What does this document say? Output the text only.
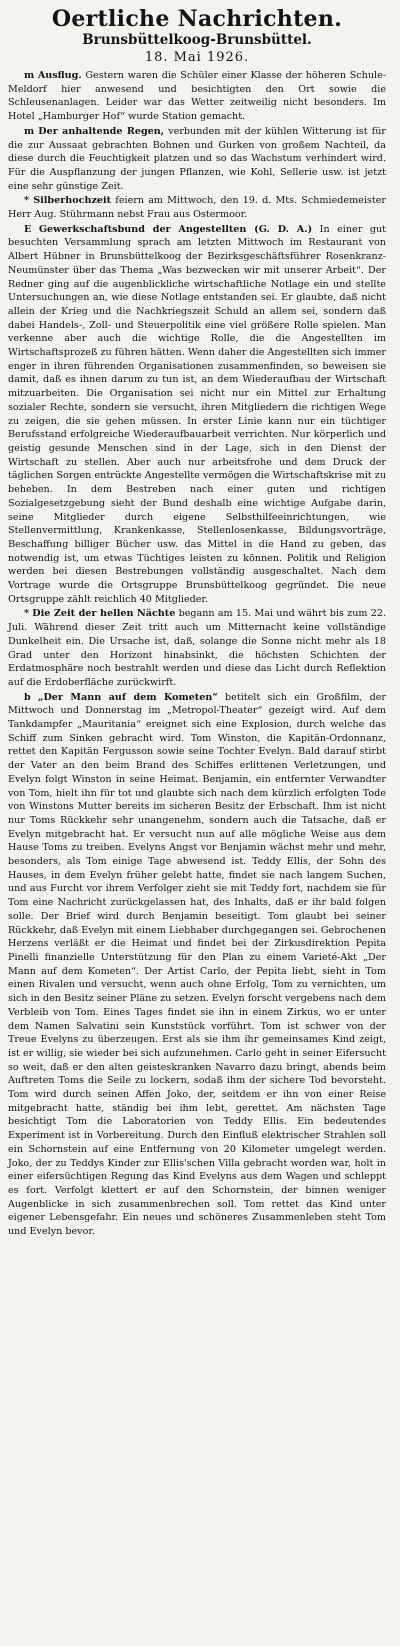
Oertliche Nachrichten.
Brunsbüttelkoog-Brunsbüttel.
18. Mai 1926.

m Ausflug. Gestern waren die Schüler einer Klasse der höheren Schule-Meldorf hier anwesend und besichtigten den Ort sowie die Schleusenanlagen. Leider war das Wetter zeitweilig nicht besonders. Im Hotel „Hamburger Hof“ wurde Station gemacht.

m Der anhaltende Regen, verbunden mit der kühlen Witterung ist für die zur Aussaat gebrachten Bohnen und Gurken von großem Nachteil, da diese durch die Feuchtigkeit platzen und so das Wachstum verhindert wird. Für die Auspflanzung der jungen Pflanzen, wie Kohl, Sellerie usw. ist jetzt eine sehr günstige Zeit.

* Silberhochzeit feiern am Mittwoch, den 19. d. Mts. Schmiedemeister Herr Aug. Stührmann nebst Frau aus Ostermoor.

E Gewerkschaftsbund der Angestellten (G. D. A.) In einer gut besuchten Versammlung sprach am letzten Mittwoch im Restaurant von Albert Hübner in Brunsbüttelkoog der Bezirksgeschäftsführer Rosenkranz-Neumünster über das Thema „Was bezwecken wir mit unserer Arbeit“. Der Redner ging auf die augenblickliche wirtschaftliche Notlage ein und stellte Untersuchungen an, wie diese Notlage entstanden sei. Er glaubte, daß nicht allein der Krieg und die Nachkriegszeit Schuld an allem sei, sondern daß dabei Handels-, Zoll- und Steuerpolitik eine viel größere Rolle spielen. Man verkenne aber auch die wichtige Rolle, die die Angestellten im Wirtschaftsprozeß zu führen hätten. Wenn daher die Angestellten sich immer enger in ihren führenden Organisationen zusammenfinden, so beweisen sie damit, daß es ihnen darum zu tun ist, an dem Wiederaufbau der Wirtschaft mitzuarbeiten. Die Organisation sei nicht nur ein Mittel zur Erhaltung sozialer Rechte, sondern sie versucht, ihren Mitgliedern die richtigen Wege zu zeigen, die sie gehen müssen. In erster Linie kann nur ein tüchtiger Berufsstand erfolgreiche Wiederaufbauarbeit verrichten. Nur körperlich und geistig gesunde Menschen sind in der Lage, sich in den Dienst der Wirtschaft zu stellen. Aber auch nur arbeitsfrohe und dem Druck der täglichen Sorgen entrückte Angestellte vermögen die Wirtschaftskrise mit zu beheben. In dem Bestreben nach einer guten und richtigen Sozialgesetzgebung sieht der Bund deshalb eine wichtige Aufgabe darin, seine Mitglieder durch eigene Selbsthilfeeinrichtungen, wie Stellenvermittlung, Krankenkasse, Stellenlosenkasse, Bildungsvorträge, Beschaffung billiger Bücher usw. das Mittel in die Hand zu geben, das notwendig ist, um etwas Tüchtiges leisten zu können. Politik und Religion werden bei diesen Bestrebungen vollständig ausgeschaltet. Nach dem Vortrage wurde die Ortsgruppe Brunsbüttelkoog gegründet. Die neue Ortsgruppe zählt reichlich 40 Mitglieder.

* Die Zeit der hellen Nächte begann am 15. Mai und währt bis zum 22. Juli. Während dieser Zeit tritt auch um Mitternacht keine vollständige Dunkelheit ein. Die Ursache ist, daß, solange die Sonne nicht mehr als 18 Grad unter den Horizont hinabsinkt, die höchsten Schichten der Erdatmosphäre noch bestrahlt werden und diese das Licht durch Reflektion auf die Erdoberfläche zurückwirft.

b „Der Mann auf dem Kometen“ betitelt sich ein Großfilm, der Mittwoch und Donnerstag im „Metropol-Theater“ gezeigt wird. Auf dem Tankdampfer „Mauritania“ ereignet sich eine Explosion, durch welche das Schiff zum Sinken gebracht wird. Tom Winston, die Kapitän-Ordonnanz, rettet den Kapitän Fergusson sowie seine Tochter Evelyn. Bald darauf stirbt der Vater an den beim Brand des Schiffes erlittenen Verletzungen, und Evelyn folgt Winston in seine Heimat. Benjamin, ein entfernter Verwandter von Tom, hielt ihn für tot und glaubte sich nach dem kürzlich erfolgten Tode von Winstons Mutter bereits im sicheren Besitz der Erbschaft. Ihm ist nicht nur Toms Rückkehr sehr unangenehm, sondern auch die Tatsache, daß er Evelyn mitgebracht hat. Er versucht nun auf alle mögliche Weise aus dem Hause Toms zu treiben. Evelyns Angst vor Benjamin wächst mehr und mehr, besonders, als Tom einige Tage abwesend ist. Teddy Ellis, der Sohn des Hauses, in dem Evelyn früher gelebt hatte, findet sie nach langem Suchen, und aus Furcht vor ihrem Verfolger zieht sie mit Teddy fort, nachdem sie für Tom eine Nachricht zurückgelassen hat, des Inhalts, daß er ihr bald folgen solle. Der Brief wird durch Benjamin beseitigt. Tom glaubt bei seiner Rückkehr, daß Evelyn mit einem Liebhaber durchgegangen sei. Gebrochenen Herzens verläßt er die Heimat und findet bei der Zirkusdirektion Pepita Pinelli finanzielle Unterstützung für den Plan zu einem Varieté-Akt „Der Mann auf dem Kometen“. Der Artist Carlo, der Pepita liebt, sieht in Tom einen Rivalen und versucht, wenn auch ohne Erfolg, Tom zu vernichten, um sich in den Besitz seiner Pläne zu setzen. Evelyn forscht vergebens nach dem Verbleib von Tom. Eines Tages findet sie ihn in einem Zirkus, wo er unter dem Namen Salvatini sein Kunststück vorführt. Tom ist schwer von der Treue Evelyns zu überzeugen. Erst als sie ihm ihr gemeinsames Kind zeigt, ist er willig, sie wieder bei sich aufzunehmen. Carlo geht in seiner Eifersucht so weit, daß er den alten geisteskranken Navarro dazu bringt, abends beim Auftreten Toms die Seile zu lockern, sodaß ihm der sichere Tod bevorsteht. Tom wird durch seinen Affen Joko, der, seitdem er ihn von einer Reise mitgebracht hatte, ständig bei ihm lebt, gerettet. Am nächsten Tage besichtigt Tom die Laboratorien von Teddy Ellis. Ein bedeutendes Experiment ist in Vorbereitung. Durch den Einfluß elektrischer Strahlen soll ein Schornstein auf eine Entfernung von 20 Kilometer umgelegt werden. Joko, der zu Teddys Kinder zur Ellis'schen Villa gebracht worden war, holt in einer eifersüchtigen Regung das Kind Evelyns aus dem Wagen und schleppt es fort. Verfolgt klettert er auf den Schornstein, der binnen weniger Augenblicke in sich zusammenbrechen soll. Tom rettet das Kind unter eigener Lebensgefahr. Ein neues und schöneres Zusammenleben steht Tom und Evelyn bevor.
